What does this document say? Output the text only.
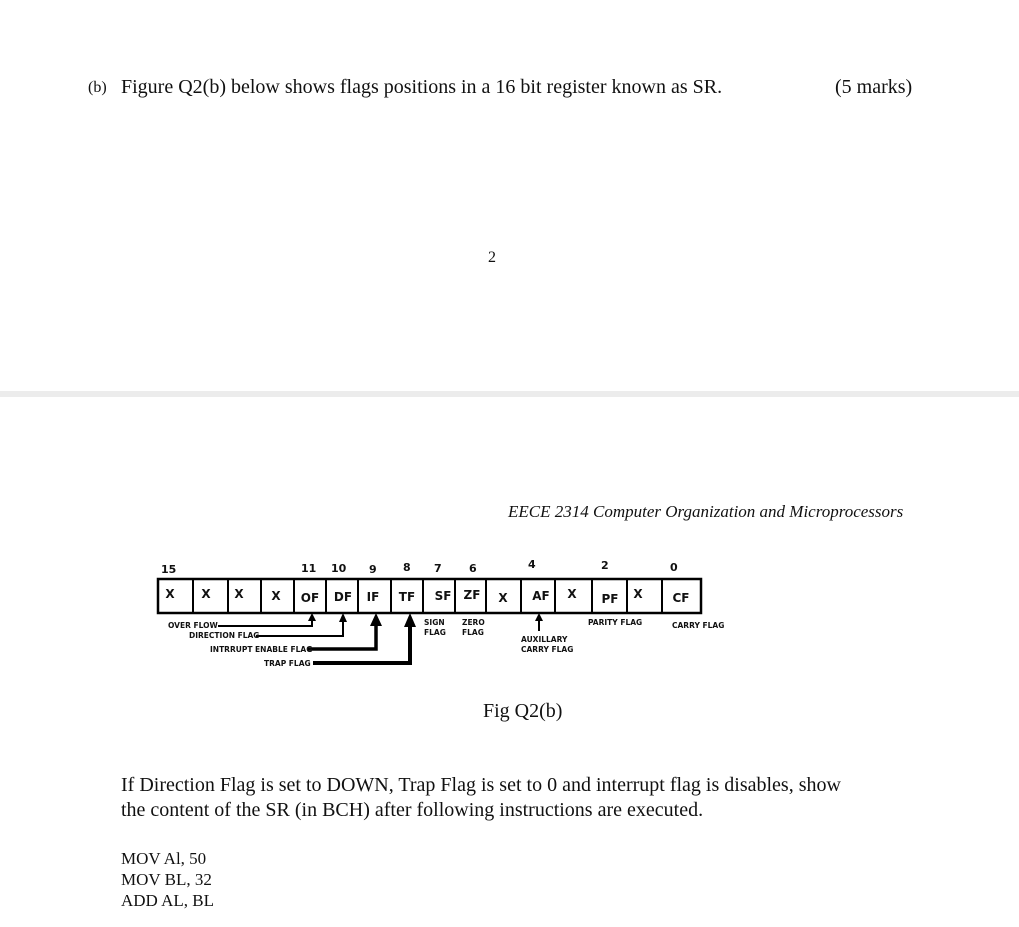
(b) Figure Q2(b) below shows flags positions in a 16 bit register known as SR.	(5 marks)
2
EECE 2314 Computer Organization and Microprocessors
15	11 10 9 8 7 6	4	2	0
X X X X OF DF IF TF SF ZF X AF X PF X CF
OVER FLOW
DIRECTION FLAG
INTRRUPT ENABLE FLAG
TRAP FLAG
SIGN
FLAG
ZERO
FLAG
AUXILLARY
CARRY FLAG
PARITY FLAG	CARRY FLAG
Fig Q2(b)
If Direction Flag is set to DOWN, Trap Flag is set to 0 and interrupt flag is disables, show
the content of the SR (in BCH) after following instructions are executed.
MOV Al, 50
MOV BL, 32
ADD AL, BL
